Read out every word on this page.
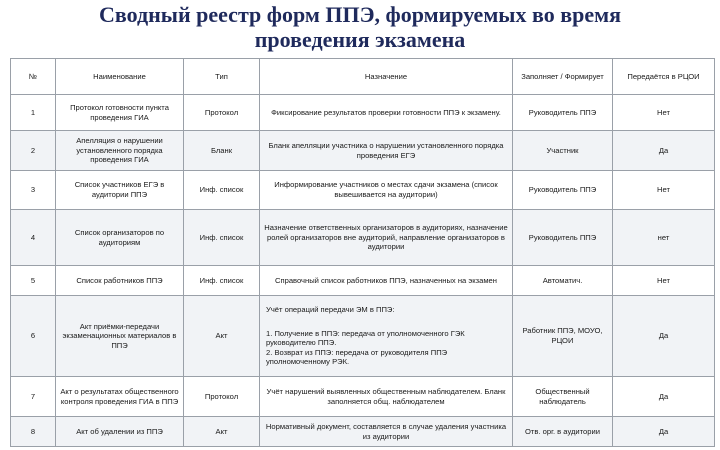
Сводный реестр форм ППЭ, формируемых во время
проведения экзамена
№	Наименование	Тип	Назначение	Заполняет / Формирует	Передаётся в РЦОИ
1	Протокол готовности пункта проведения ГИА	Протокол	Фиксирование результатов проверки готовности ППЭ к экзамену.	Руководитель ППЭ	Нет
2	Апелляция о нарушении установленного порядка проведения ГИА	Бланк	Бланк апелляции участника о нарушении установленного порядка проведения ЕГЭ	Участник	Да
3	Список участников ЕГЭ в аудитории ППЭ	Инф. список	Информирование участников о местах сдачи экзамена (список вывешивается на аудитории)	Руководитель ППЭ	Нет
4	Список организаторов по аудиториям	Инф. список	Назначение ответственных организаторов в аудиториях, назначение ролей организаторов вне аудиторий, направление организаторов в аудитории	Руководитель ППЭ	нет
5	Список работников ППЭ	Инф. список	Справочный список работников ППЭ, назначенных на экзамен	Автоматич.	Нет
6	Акт приёмки-передачи экзаменационных материалов в ППЭ	Акт	Учёт операций передачи ЭМ в ППЭ:
1. Получение в ППЭ: передача от уполномоченного ГЭК руководителю ППЭ.
2. Возврат из ППЭ: передача от руководителя ППЭ уполномоченному РЭК.	Работник ППЭ, МОУО, РЦОИ	Да
7	Акт о результатах общественного контроля проведения ГИА в ППЭ	Протокол	Учёт нарушений выявленных общественным наблюдателем. Бланк заполняется общ. наблюдателем	Общественный наблюдатель	Да
8	Акт об удалении из ППЭ	Акт	Нормативный документ, составляется в случае удаления участника из аудитории	Отв. орг. в аудитории	Да
